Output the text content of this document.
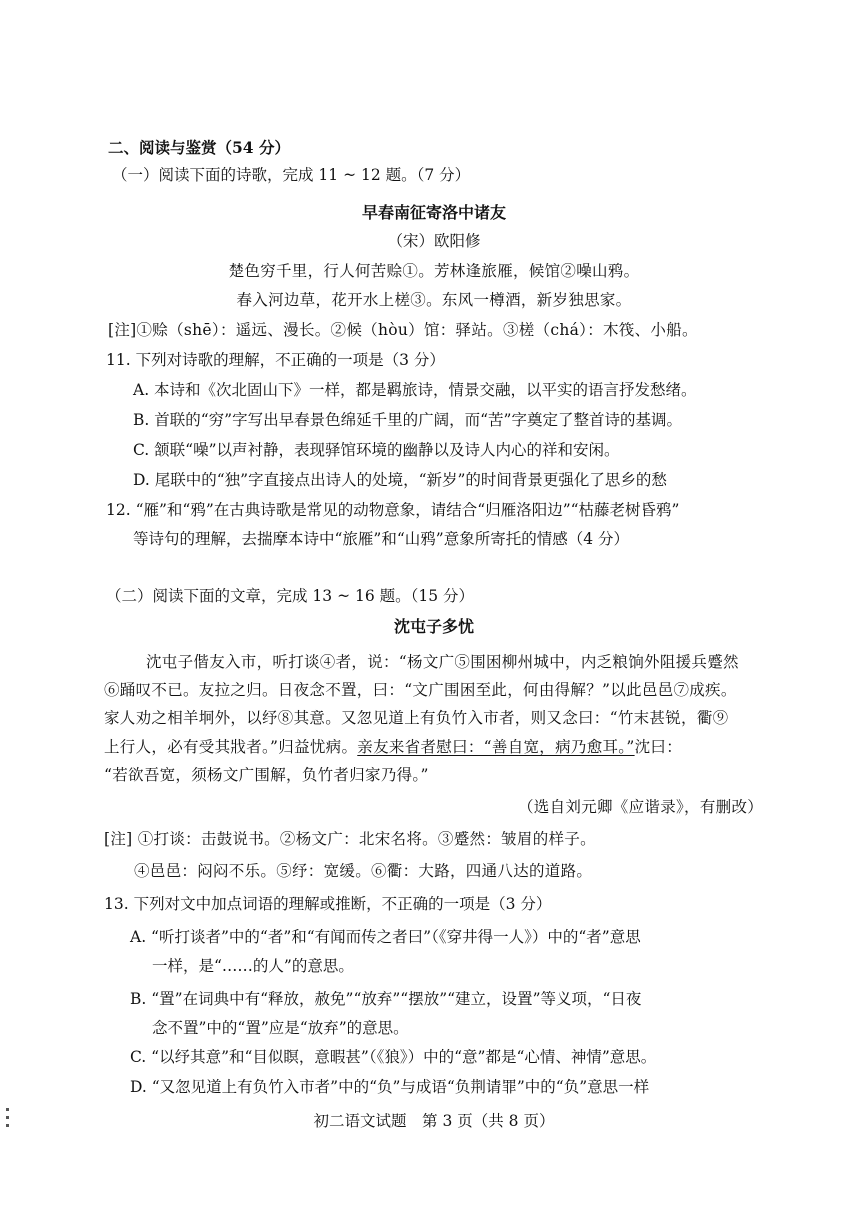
二、阅读与鉴赏（54 分）
（一）阅读下面的诗歌，完成 11 ~ 12 题。（7 分）
早春南征寄洛中诸友
（宋）欧阳修
楚色穷千里，行人何苦赊①。芳林逢旅雁，候馆②噪山鸦。
春入河边草，花开水上槎③。东风一樽酒，新岁独思家。
[注]①赊（shē）：遥远、漫长。②候（hòu）馆：驿站。③槎（chá）：木筏、小船。
11. 下列对诗歌的理解，不正确的一项是（3 分）
A. 本诗和《次北固山下》一样，都是羁旅诗，情景交融，以平实的语言抒发愁绪。
B. 首联的“穷”字写出早春景色绵延千里的广阔，而“苦”字奠定了整首诗的基调。
C. 颔联“噪”以声衬静，表现驿馆环境的幽静以及诗人内心的祥和安闲。
D. 尾联中的“独”字直接点出诗人的处境，“新岁”的时间背景更强化了思乡的愁
12. “雁”和“鸦”在古典诗歌是常见的动物意象，请结合“归雁洛阳边”“枯藤老树昏鸦”
等诗句的理解，去揣摩本诗中“旅雁”和“山鸦”意象所寄托的情感（4 分）
（二）阅读下面的文章，完成 13 ~ 16 题。（15 分）
沈屯子多忧
沈屯子偕友入市，听打谈④者，说：“杨文广⑤围困柳州城中，内乏粮饷外阻援兵蹙然
⑥踊叹不已。友拉之归。日夜念不置，曰：“文广围困至此，何由得解？”以此邑邑⑦成疾。
家人劝之相羊坰外，以纾⑧其意。又忽见道上有负竹入市者，则又念曰：“竹末甚锐，衢⑨
上行人，必有受其戕者。”归益忧病。亲友来省者慰曰：“善自宽，病乃愈耳。”沈曰：
“若欲吾宽，须杨文广围解，负竹者归家乃得。”
（选自刘元卿《应谐录》，有删改）
[注] ①打谈：击鼓说书。②杨文广：北宋名将。③蹙然：皱眉的样子。
④邑邑：闷闷不乐。⑤纾：宽缓。⑥衢：大路，四通八达的道路。
13. 下列对文中加点词语的理解或推断，不正确的一项是（3 分）
A. “听打谈者”中的“者”和“有闻而传之者曰”（《穿井得一人》）中的“者”意思
一样，是“……的人”的意思。
B. “置”在词典中有“释放，赦免”“放弃”“摆放”“建立，设置”等义项，“日夜
念不置”中的“置”应是“放弃”的意思。
C. “以纾其意”和“目似瞑，意暇甚”（《狼》）中的“意”都是“心情、神情”意思。
D. “又忽见道上有负竹入市者”中的“负”与成语“负荆请罪”中的“负”意思一样
初二语文试题　第 3 页（共 8 页）
